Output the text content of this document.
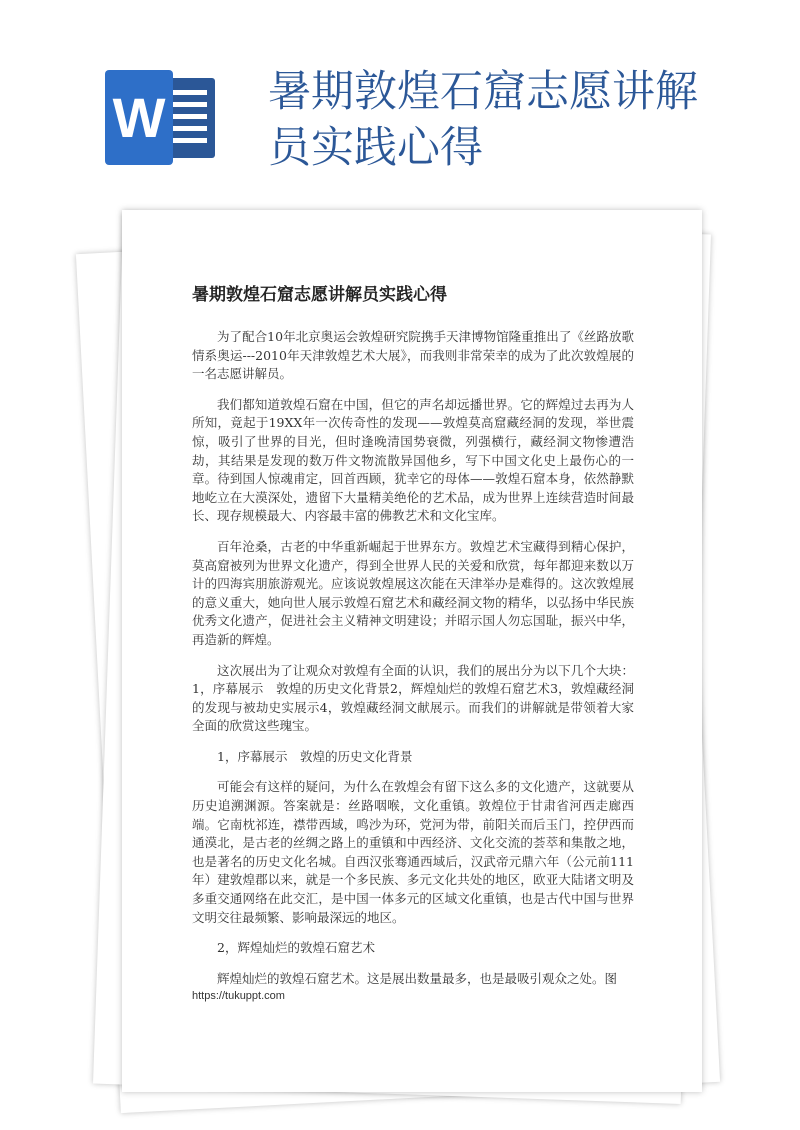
W 暑期敦煌石窟志愿讲解员实践心得
暑期敦煌石窟志愿讲解员实践心得

为了配合10年北京奥运会敦煌研究院携手天津博物馆隆重推出了《丝路放歌　情系奥运---2010年天津敦煌艺术大展》，而我则非常荣幸的成为了此次敦煌展的一名志愿讲解员。

我们都知道敦煌石窟在中国，但它的声名却远播世界。它的辉煌过去再为人所知，竟起于19XX年一次传奇性的发现——敦煌莫高窟藏经洞的发现，举世震惊，吸引了世界的目光，但时逢晚清国势衰微，列强横行，藏经洞文物惨遭浩劫，其结果是发现的数万件文物流散异国他乡，写下中国文化史上最伤心的一章。待到国人惊魂甫定，回首西顾，犹幸它的母体——敦煌石窟本身，依然静默地屹立在大漠深处，遗留下大量精美绝伦的艺术品，成为世界上连续营造时间最长、现存规模最大、内容最丰富的佛教艺术和文化宝库。

百年沧桑，古老的中华重新崛起于世界东方。敦煌艺术宝藏得到精心保护，莫高窟被列为世界文化遗产，得到全世界人民的关爱和欣赏，每年都迎来数以万计的四海宾朋旅游观光。应该说敦煌展这次能在天津举办是难得的。这次敦煌展的意义重大，她向世人展示敦煌石窟艺术和藏经洞文物的精华，以弘扬中华民族优秀文化遗产，促进社会主义精神文明建设；并昭示国人勿忘国耻，振兴中华，再造新的辉煌。

这次展出为了让观众对敦煌有全面的认识，我们的展出分为以下几个大块：1，序幕展示　敦煌的历史文化背景2，辉煌灿烂的敦煌石窟艺术3，敦煌藏经洞的发现与被劫史实展示4，敦煌藏经洞文献展示。而我们的讲解就是带领着大家全面的欣赏这些瑰宝。

1，序幕展示　敦煌的历史文化背景

可能会有这样的疑问，为什么在敦煌会有留下这么多的文化遗产，这就要从历史追溯渊源。答案就是：丝路咽喉，文化重镇。敦煌位于甘肃省河西走廊西端。它南枕祁连，襟带西域，鸣沙为环，党河为带，前阳关而后玉门，控伊西而通漠北，是古老的丝绸之路上的重镇和中西经济、文化交流的荟萃和集散之地，也是著名的历史文化名城。自西汉张骞通西域后，汉武帝元鼎六年（公元前111年）建敦煌郡以来，就是一个多民族、多元文化共处的地区，欧亚大陆诸文明及多重交通网络在此交汇，是中国一体多元的区域文化重镇，也是古代中国与世界文明交往最频繁、影响最深远的地区。

2，辉煌灿烂的敦煌石窟艺术

辉煌灿烂的敦煌石窟艺术。这是展出数量最多，也是最吸引观众之处。图

https://tukuppt.com
